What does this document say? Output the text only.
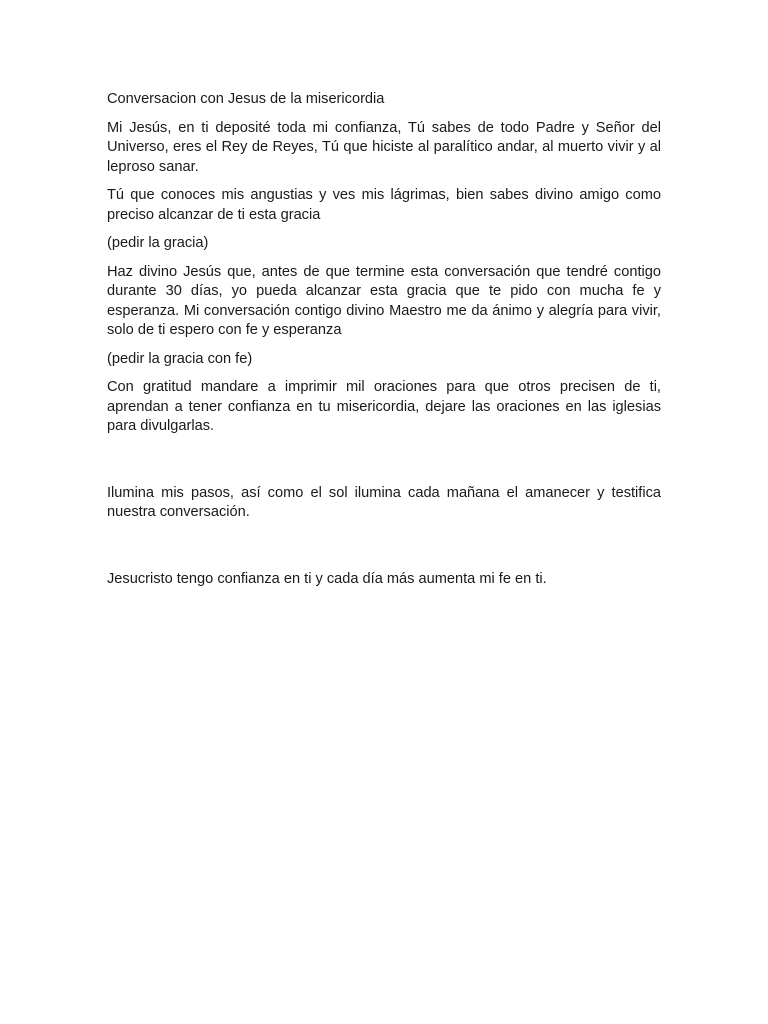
Conversacion con Jesus de la misericordia

Mi Jesús, en ti deposité toda mi confianza, Tú sabes de todo Padre y Señor del Universo, eres el Rey de Reyes, Tú que hiciste al paralítico andar, al muerto vivir y al leproso sanar.

Tú que conoces mis angustias y ves mis lágrimas, bien sabes divino amigo como preciso alcanzar de ti esta gracia

(pedir la gracia)

Haz divino Jesús que, antes de que termine esta conversación que tendré contigo durante 30 días, yo pueda alcanzar esta gracia que te pido con mucha fe y esperanza. Mi conversación contigo divino Maestro me da ánimo y alegría para vivir, solo de ti espero con fe y esperanza

(pedir la gracia con fe)

Con gratitud mandare a imprimir mil oraciones para que otros precisen de ti, aprendan a tener confianza en tu misericordia, dejare las oraciones en las iglesias para divulgarlas.

Ilumina mis pasos, así como el sol ilumina cada mañana el amanecer y testifica nuestra conversación.

Jesucristo tengo confianza en ti y cada día más aumenta mi fe en ti.
